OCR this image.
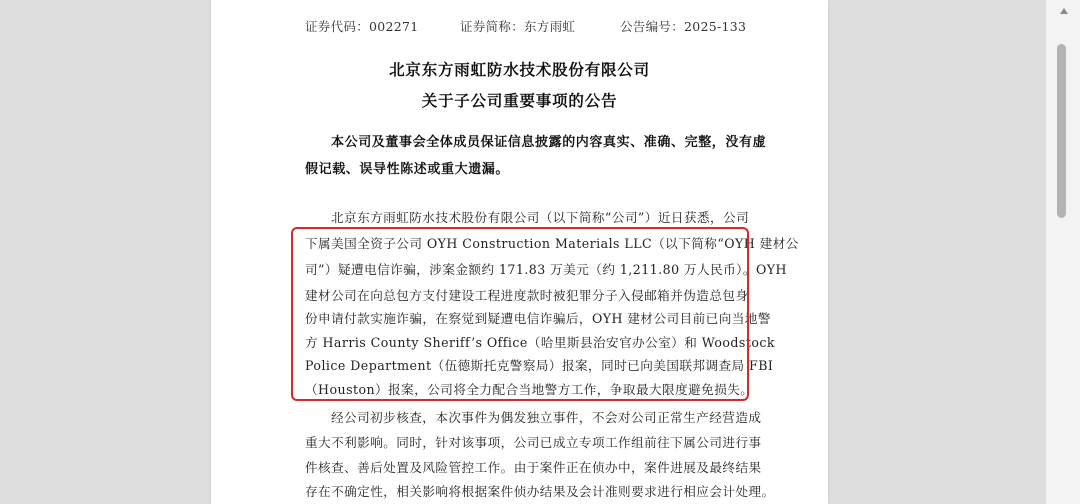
证券代码：002271	证券简称：东方雨虹	公告编号：2025-133
北京东方雨虹防水技术股份有限公司
关于子公司重要事项的公告
本公司及董事会全体成员保证信息披露的内容真实、准确、完整，没有虚
假记载、误导性陈述或重大遗漏。
北京东方雨虹防水技术股份有限公司（以下简称“公司”）近日获悉，公司
下属美国全资子公司 OYH Construction Materials LLC（以下简称“OYH 建材公
司”）疑遭电信诈骗，涉案金额约 171.83 万美元（约 1,211.80 万人民币）。OYH
建材公司在向总包方支付建设工程进度款时被犯罪分子入侵邮箱并伪造总包身
份申请付款实施诈骗，在察觉到疑遭电信诈骗后，OYH 建材公司目前已向当地警
方 Harris County Sheriff’s Office（哈里斯县治安官办公室）和 Woodstock
Police Department（伍德斯托克警察局）报案，同时已向美国联邦调查局 FBI
（Houston）报案，公司将全力配合当地警方工作，争取最大限度避免损失。
经公司初步核查，本次事件为偶发独立事件，不会对公司正常生产经营造成
重大不利影响。同时，针对该事项，公司已成立专项工作组前往下属公司进行事
件核查、善后处置及风险管控工作。由于案件正在侦办中，案件进展及最终结果
存在不确定性，相关影响将根据案件侦办结果及会计准则要求进行相应会计处理。
